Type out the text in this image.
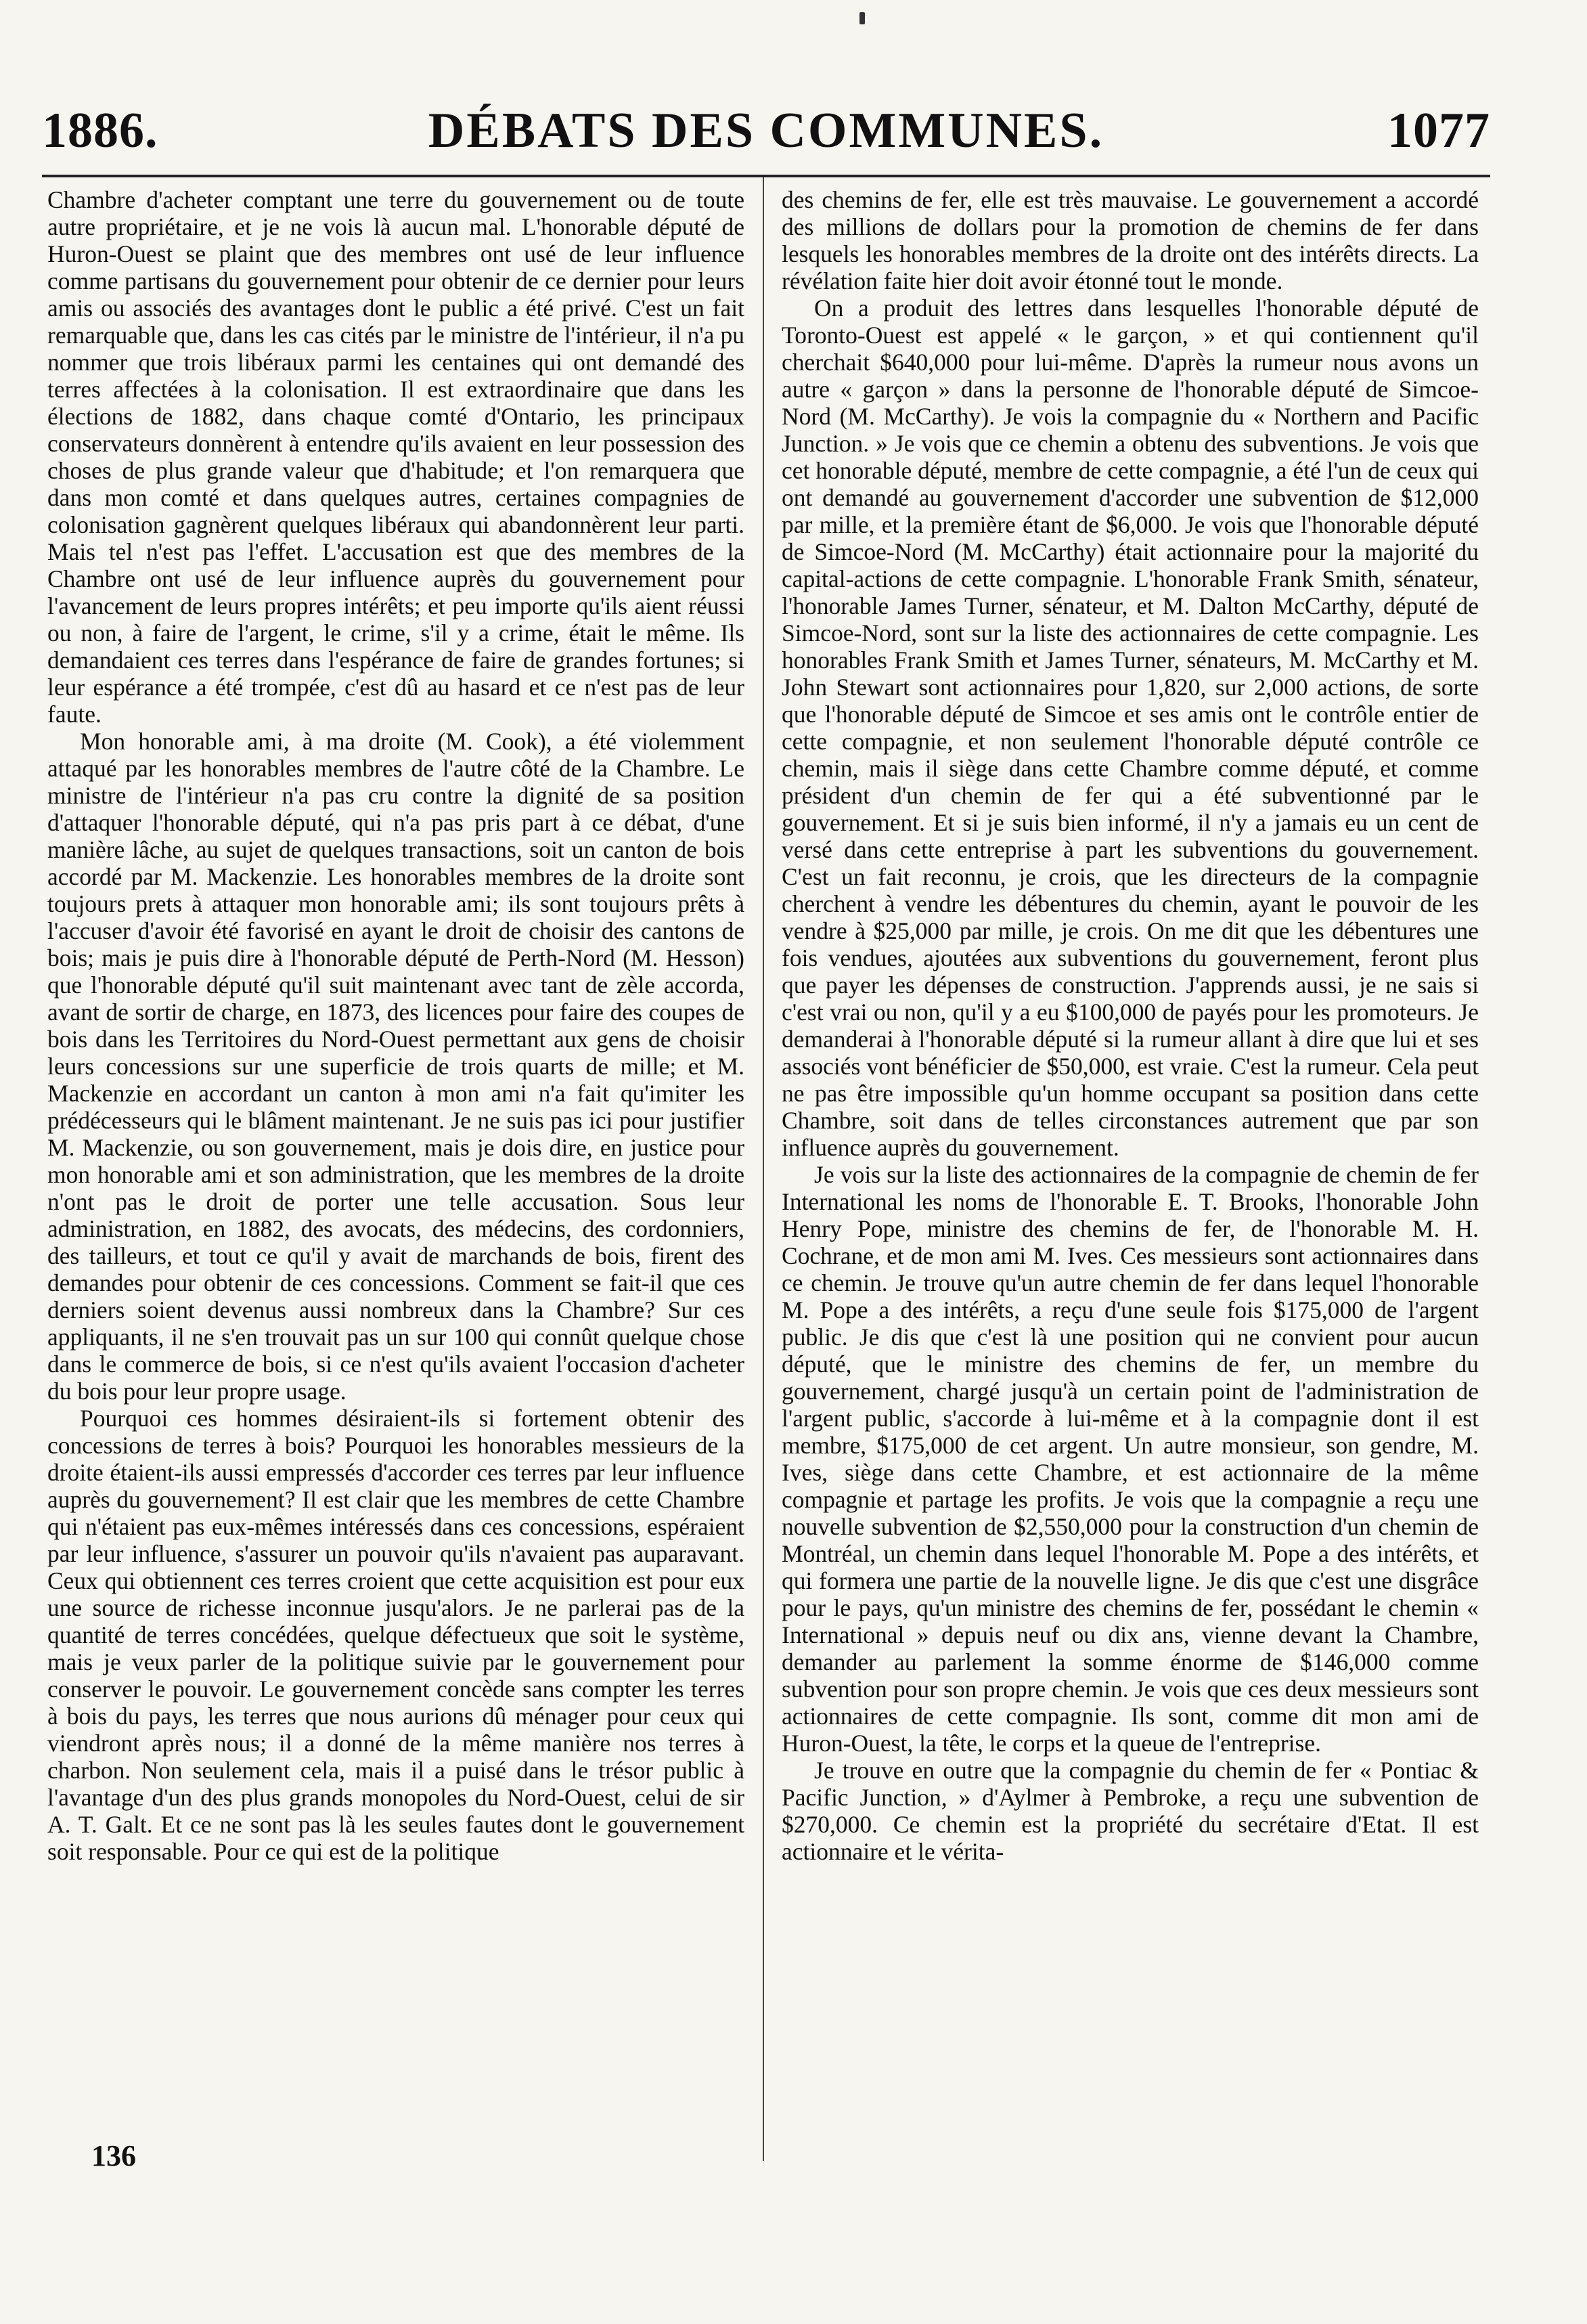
1886.	DÉBATS DES COMMUNES.	1077

Chambre d'acheter comptant une terre du gouvernement ou de toute autre propriétaire, et je ne vois là aucun mal. L'honorable député de Huron-Ouest se plaint que des membres ont usé de leur influence comme partisans du gouvernement pour obtenir de ce dernier pour leurs amis ou associés des avantages dont le public a été privé. C'est un fait remarquable que, dans les cas cités par le ministre de l'intérieur, il n'a pu nommer que trois libéraux parmi les centaines qui ont demandé des terres affectées à la colonisation. Il est extraordinaire que dans les élections de 1882, dans chaque comté d'Ontario, les principaux conservateurs donnèrent à entendre qu'ils avaient en leur possession des choses de plus grande valeur que d'habitude; et l'on remarquera que dans mon comté et dans quelques autres, certaines compagnies de colonisation gagnèrent quelques libéraux qui abandonnèrent leur parti. Mais tel n'est pas l'effet. L'accusation est que des membres de la Chambre ont usé de leur influence auprès du gouvernement pour l'avancement de leurs propres intérêts; et peu importe qu'ils aient réussi ou non, à faire de l'argent, le crime, s'il y a crime, était le même. Ils demandaient ces terres dans l'espérance de faire de grandes fortunes; si leur espérance a été trompée, c'est dû au hasard et ce n'est pas de leur faute.

Mon honorable ami, à ma droite (M. Cook), a été violemment attaqué par les honorables membres de l'autre côté de la Chambre. Le ministre de l'intérieur n'a pas cru contre la dignité de sa position d'attaquer l'honorable député, qui n'a pas pris part à ce débat, d'une manière lâche, au sujet de quelques transactions, soit un canton de bois accordé par M. Mackenzie. Les honorables membres de la droite sont toujours prets à attaquer mon honorable ami; ils sont toujours prêts à l'accuser d'avoir été favorisé en ayant le droit de choisir des cantons de bois; mais je puis dire à l'honorable député de Perth-Nord (M. Hesson) que l'honorable député qu'il suit maintenant avec tant de zèle accorda, avant de sortir de charge, en 1873, des licences pour faire des coupes de bois dans les Territoires du Nord-Ouest permettant aux gens de choisir leurs concessions sur une superficie de trois quarts de mille; et M. Mackenzie en accordant un canton à mon ami n'a fait qu'imiter les prédécesseurs qui le blâment maintenant. Je ne suis pas ici pour justifier M. Mackenzie, ou son gouvernement, mais je dois dire, en justice pour mon honorable ami et son administration, que les membres de la droite n'ont pas le droit de porter une telle accusation. Sous leur administration, en 1882, des avocats, des médecins, des cordonniers, des tailleurs, et tout ce qu'il y avait de marchands de bois, firent des demandes pour obtenir de ces concessions. Comment se fait-il que ces derniers soient devenus aussi nombreux dans la Chambre? Sur ces appliquants, il ne s'en trouvait pas un sur 100 qui connût quelque chose dans le commerce de bois, si ce n'est qu'ils avaient l'occasion d'acheter du bois pour leur propre usage.

Pourquoi ces hommes désiraient-ils si fortement obtenir des concessions de terres à bois? Pourquoi les honorables messieurs de la droite étaient-ils aussi empressés d'accorder ces terres par leur influence auprès du gouvernement? Il est clair que les membres de cette Chambre qui n'étaient pas eux-mêmes intéressés dans ces concessions, espéraient par leur influence, s'assurer un pouvoir qu'ils n'avaient pas auparavant. Ceux qui obtiennent ces terres croient que cette acquisition est pour eux une source de richesse inconnue jusqu'alors. Je ne parlerai pas de la quantité de terres concédées, quelque défectueux que soit le système, mais je veux parler de la politique suivie par le gouvernement pour conserver le pouvoir. Le gouvernement concède sans compter les terres à bois du pays, les terres que nous aurions dû ménager pour ceux qui viendront après nous; il a donné de la même manière nos terres à charbon. Non seulement cela, mais il a puisé dans le trésor public à l'avantage d'un des plus grands monopoles du Nord-Ouest, celui de sir A. T. Galt. Et ce ne sont pas là les seules fautes dont le gouvernement soit responsable. Pour ce qui est de la politique

des chemins de fer, elle est très mauvaise. Le gouvernement a accordé des millions de dollars pour la promotion de chemins de fer dans lesquels les honorables membres de la droite ont des intérêts directs. La révélation faite hier doit avoir étonné tout le monde.

On a produit des lettres dans lesquelles l'honorable député de Toronto-Ouest est appelé « le garçon, » et qui contiennent qu'il cherchait $640,000 pour lui-même. D'après la rumeur nous avons un autre « garçon » dans la personne de l'honorable député de Simcoe-Nord (M. McCarthy). Je vois la compagnie du « Northern and Pacific Junction. » Je vois que ce chemin a obtenu des subventions. Je vois que cet honorable député, membre de cette compagnie, a été l'un de ceux qui ont demandé au gouvernement d'accorder une subvention de $12,000 par mille, et la première étant de $6,000. Je vois que l'honorable député de Simcoe-Nord (M. McCarthy) était actionnaire pour la majorité du capital-actions de cette compagnie. L'honorable Frank Smith, sénateur, l'honorable James Turner, sénateur, et M. Dalton McCarthy, député de Simcoe-Nord, sont sur la liste des actionnaires de cette compagnie. Les honorables Frank Smith et James Turner, sénateurs, M. McCarthy et M. John Stewart sont actionnaires pour 1,820, sur 2,000 actions, de sorte que l'honorable député de Simcoe et ses amis ont le contrôle entier de cette compagnie, et non seulement l'honorable député contrôle ce chemin, mais il siège dans cette Chambre comme député, et comme président d'un chemin de fer qui a été subventionné par le gouvernement. Et si je suis bien informé, il n'y a jamais eu un cent de versé dans cette entreprise à part les subventions du gouvernement. C'est un fait reconnu, je crois, que les directeurs de la compagnie cherchent à vendre les débentures du chemin, ayant le pouvoir de les vendre à $25,000 par mille, je crois. On me dit que les débentures une fois vendues, ajoutées aux subventions du gouvernement, feront plus que payer les dépenses de construction. J'apprends aussi, je ne sais si c'est vrai ou non, qu'il y a eu $100,000 de payés pour les promoteurs. Je demanderai à l'honorable député si la rumeur allant à dire que lui et ses associés vont bénéficier de $50,000, est vraie. C'est la rumeur. Cela peut ne pas être impossible qu'un homme occupant sa position dans cette Chambre, soit dans de telles circonstances autrement que par son influence auprès du gouvernement.

Je vois sur la liste des actionnaires de la compagnie de chemin de fer International les noms de l'honorable E. T. Brooks, l'honorable John Henry Pope, ministre des chemins de fer, de l'honorable M. H. Cochrane, et de mon ami M. Ives. Ces messieurs sont actionnaires dans ce chemin. Je trouve qu'un autre chemin de fer dans lequel l'honorable M. Pope a des intérêts, a reçu d'une seule fois $175,000 de l'argent public. Je dis que c'est là une position qui ne convient pour aucun député, que le ministre des chemins de fer, un membre du gouvernement, chargé jusqu'à un certain point de l'administration de l'argent public, s'accorde à lui-même et à la compagnie dont il est membre, $175,000 de cet argent. Un autre monsieur, son gendre, M. Ives, siège dans cette Chambre, et est actionnaire de la même compagnie et partage les profits. Je vois que la compagnie a reçu une nouvelle subvention de $2,550,000 pour la construction d'un chemin de Montréal, un chemin dans lequel l'honorable M. Pope a des intérêts, et qui formera une partie de la nouvelle ligne. Je dis que c'est une disgrâce pour le pays, qu'un ministre des chemins de fer, possédant le chemin « International » depuis neuf ou dix ans, vienne devant la Chambre, demander au parlement la somme énorme de $146,000 comme subvention pour son propre chemin. Je vois que ces deux messieurs sont actionnaires de cette compagnie. Ils sont, comme dit mon ami de Huron-Ouest, la tête, le corps et la queue de l'entreprise.

Je trouve en outre que la compagnie du chemin de fer « Pontiac & Pacific Junction, » d'Aylmer à Pembroke, a reçu une subvention de $270,000. Ce chemin est la propriété du secrétaire d'Etat. Il est actionnaire et le vérita-

136
